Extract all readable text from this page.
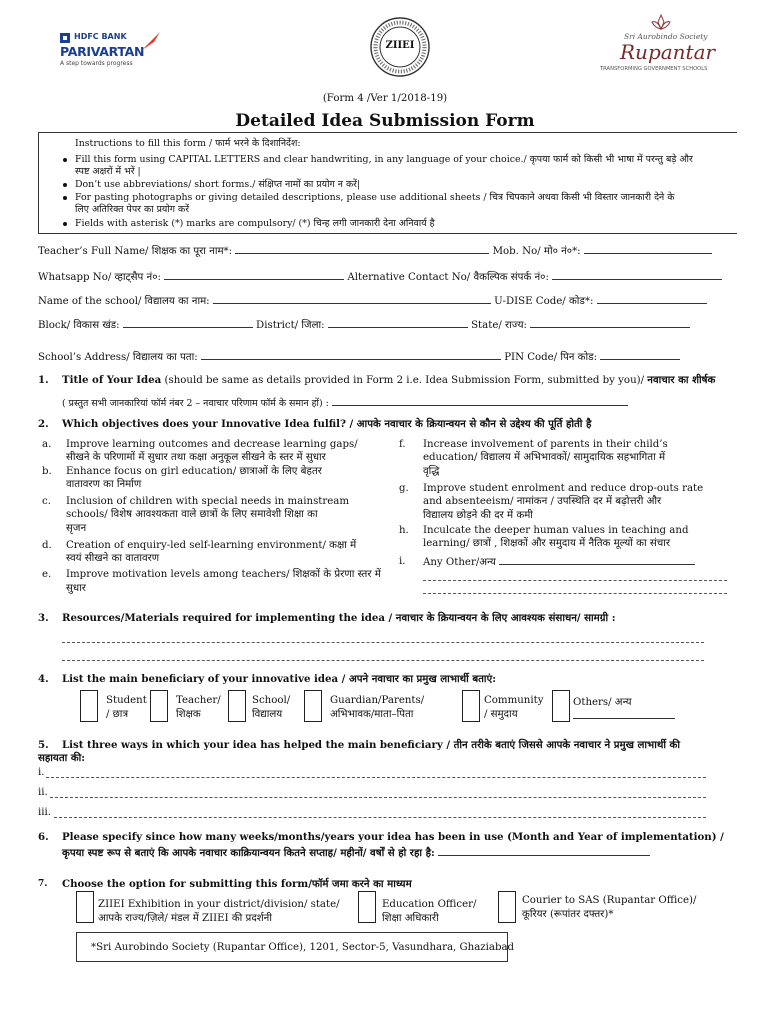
HDFC BANK
PARIVARTAN
A step towards progress
ZIIEI
Sri Aurobindo Society
Rupantar
TRANSFORMING GOVERNMENT SCHOOLS
(Form 4 /Ver 1/2018-19)
Detailed Idea Submission Form
Instructions to fill this form / फार्म भरने के दिशानिर्देश:
Fill this form using CAPITAL LETTERS and clear handwriting, in any language of your choice./ कृपया फार्म को किसी भी भाषा में परन्तु बड़े और
स्पष्ट अक्षरों में भरें |
Don’t use abbreviations/ short forms./ संक्षिप्त नामों का प्रयोग न करें|
For pasting photographs or giving detailed descriptions, please use additional sheets / चित्र चिपकाने अथवा किसी भी विस्तार जानकारी देने के
लिए अतिरिक्त पेपर का प्रयोग करें
Fields with asterisk (*) marks are compulsory/ (*) चिन्ह लगी जानकारी देना अनिवार्य है
Teacher’s Full Name/ शिक्षक का पूरा नाम*:	Mob. No/ मो० नं०*:
Whatsapp No/ व्हाट्सैप नं०:	Alternative Contact No/ वैकल्पिक संपर्क नं०:
Name of the school/ विद्यालय का नाम:	U-DISE Code/ कोड*:
Block/ विकास खंड:	District/ जिला:	State/ राज्य:
School’s Address/ विद्यालय का पता:	PIN Code/ पिन कोड:
1. Title of Your Idea (should be same as details provided in Form 2 i.e. Idea Submission Form, submitted by you)/ नवाचार का शीर्षक
( प्रस्तुत सभी जानकारियां फॉर्म नंबर 2 – नवाचार परिणाम फॉर्म के समान हों) :
2. Which objectives does your Innovative Idea fulfil? / आपके नवाचार के क्रियान्वयन से कौन से उद्देश्य की पूर्ति होती है
a. Improve learning outcomes and decrease learning gaps/
सीखने के परिणामों में सुधार तथा कक्षा अनुकूल सीखने के स्तर में सुधार
b. Enhance focus on girl education/ छात्राओं के लिए बेहतर
वातावरण का निर्माण
c. Inclusion of children with special needs in mainstream
schools/ विशेष आवश्यकता वाले छात्रों के लिए समावेशी शिक्षा का
सृजन
d. Creation of enquiry-led self-learning environment/ कक्षा में
स्वयं सीखने का वातावरण
e. Improve motivation levels among teachers/ शिक्षकों के प्रेरणा स्तर में
सुधार
f. Increase involvement of parents in their child’s
education/ विद्यालय में अभिभावकों/ सामुदायिक सहभागिता में
वृद्धि
g. Improve student enrolment and reduce drop-outs rate
and absenteeism/ नामांकन / उपस्थिति दर में बढ़ोत्तरी और
विद्यालय छोड़ने की दर में कमी
h. Inculcate the deeper human values in teaching and
learning/ छात्रों , शिक्षकों और समुदाय में नैतिक मूल्यों का संचार
i. Any Other/अन्य
3. Resources/Materials required for implementing the idea / नवाचार के क्रियान्वयन के लिए आवश्यक संसाधन/ सामग्री :
4. List the main beneficiary of your innovative idea / अपने नवाचार का प्रमुख लाभार्थी बताएं:
Student
/ छात्र
Teacher/
शिक्षक
School/
विद्यालय
Guardian/Parents/
अभिभावक/माता–पिता
Community
/ समुदाय
Others/ अन्य
5. List three ways in which your idea has helped the main beneficiary / तीन तरीके बताएं जिससे आपके नवाचार ने प्रमुख लाभार्थी की
सहायता की:
i.
ii.
iii.
6. Please specify since how many weeks/months/years your idea has been in use (Month and Year of implementation) /
कृपया स्पष्ट रूप से बताएं कि आपके नवाचार काक्रियान्वयन कितने सप्ताह/ महीनों/ वर्षों से हो रहा है:
7. Choose the option for submitting this form/फॉर्म जमा करने का माध्यम
ZIIEI Exhibition in your district/division/ state/
आपके राज्य/ज़िले/ मंडल में ZIIEI की प्रदर्शनी
Education Officer/
शिक्षा अधिकारी
Courier to SAS (Rupantar Office)/
कूरियर (रूपांतर दफ्तर)*
*Sri Aurobindo Society (Rupantar Office), 1201, Sector-5, Vasundhara, Ghaziabad
